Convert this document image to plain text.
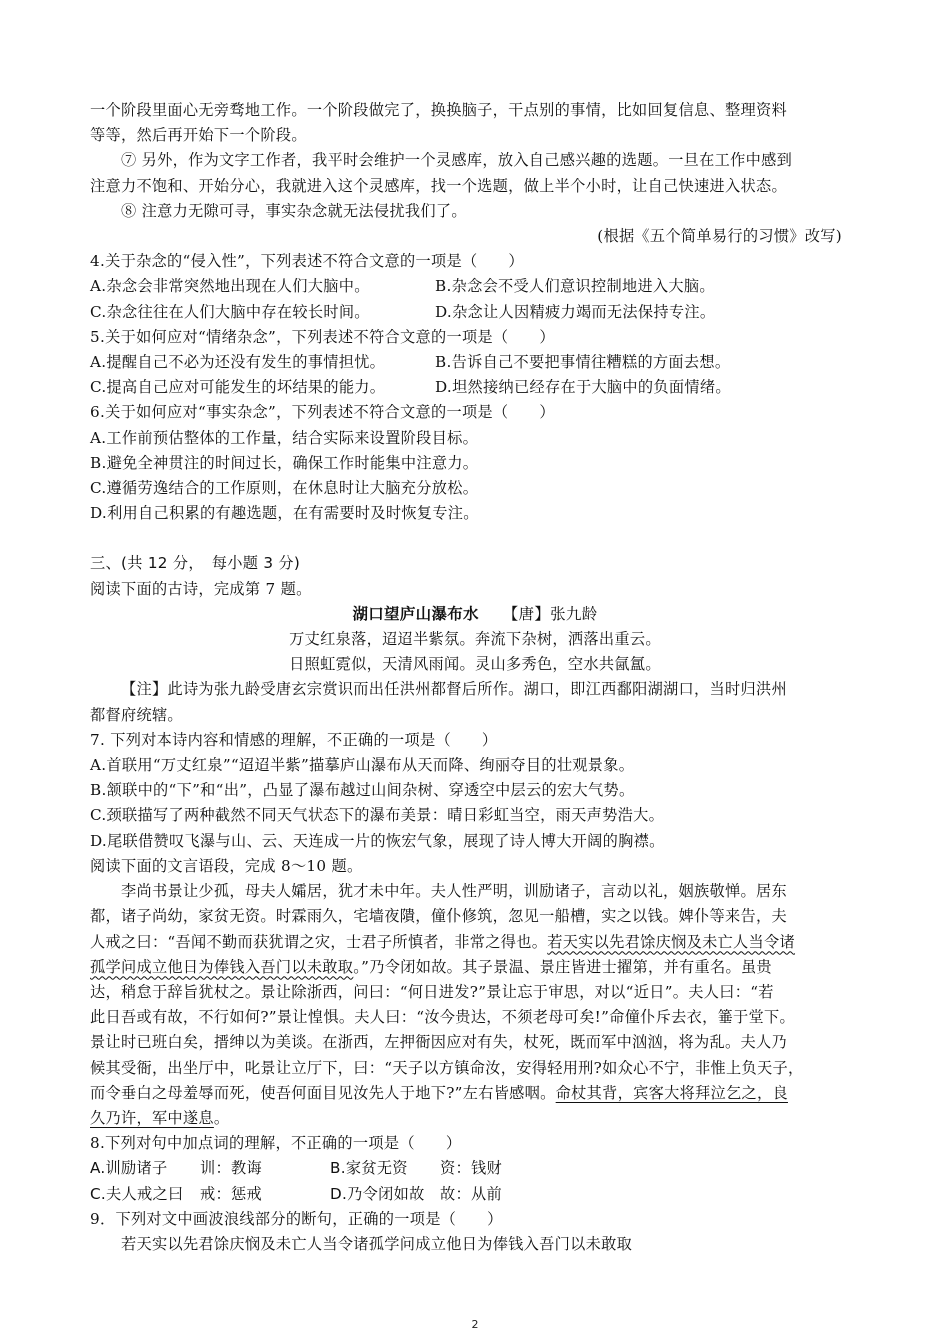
一个阶段里面心无旁骛地工作。一个阶段做完了，换换脑子，干点别的事情，比如回复信息、整理资料
等等，然后再开始下一个阶段。
⑦ 另外，作为文字工作者，我平时会维护一个灵感库，放入自己感兴趣的选题。一旦在工作中感到
注意力不饱和、开始分心，我就进入这个灵感库，找一个选题，做上半个小时，让自己快速进入状态。
⑧ 注意力无隙可寻，事实杂念就无法侵扰我们了。
(根据《五个简单易行的习惯》改写)
4.关于杂念的“侵入性”，下列表述不符合文意的一项是（　　）
A.杂念会非常突然地出现在人们大脑中。	B.杂念会不受人们意识控制地进入大脑。
C.杂念往往在人们大脑中存在较长时间。	D.杂念让人因精疲力竭而无法保持专注。
5.关于如何应对“情绪杂念”，下列表述不符合文意的一项是（　　）
A.提醒自己不必为还没有发生的事情担忧。	B.告诉自己不要把事情往糟糕的方面去想。
C.提高自己应对可能发生的坏结果的能力。	D.坦然接纳已经存在于大脑中的负面情绪。
6.关于如何应对“事实杂念”，下列表述不符合文意的一项是（　　）
A.工作前预估整体的工作量，结合实际来设置阶段目标。
B.避免全神贯注的时间过长，确保工作时能集中注意力。
C.遵循劳逸结合的工作原则，在休息时让大脑充分放松。
D.利用自己积累的有趣选题，在有需要时及时恢复专注。
三、(共 12 分，　每小题 3 分)
阅读下面的古诗，完成第 7 题。
湖口望庐山瀑布水　　 【唐】张九龄
万丈红泉落，迢迢半紫氛。奔流下杂树，洒落出重云。
日照虹霓似，天清风雨闻。灵山多秀色，空水共氤氲。
【注】此诗为张九龄受唐玄宗赏识而出任洪州都督后所作。湖口，即江西鄱阳湖湖口，当时归洪州
都督府统辖。
7. 下列对本诗内容和情感的理解，不正确的一项是（　　）
A.首联用“万丈红泉”“迢迢半紫”描摹庐山瀑布从天而降、绚丽夺目的壮观景象。
B.颔联中的“下”和“出”，凸显了瀑布越过山间杂树、穿透空中层云的宏大气势。
C.颈联描写了两种截然不同天气状态下的瀑布美景：晴日彩虹当空，雨天声势浩大。
D.尾联借赞叹飞瀑与山、云、天连成一片的恢宏气象，展现了诗人博大开阔的胸襟。
阅读下面的文言语段，完成 8～10 题。
李尚书景让少孤，母夫人孀居，犹才未中年。夫人性严明，训励诸子，言动以礼，姻族敬惮。居东
都，诸子尚幼，家贫无资。时霖雨久，宅墙夜隤，僮仆修筑，忽见一船槽，实之以钱。婢仆等来告，夫
人戒之曰：“吾闻不勤而获犹谓之灾，士君子所慎者，非常之得也。若天实以先君馀庆悯及未亡人当令诸
孤学问成立他日为俸钱入吾门以未敢取。”乃令闭如故。其子景温、景庄皆进士擢第，并有重名。虽贵
达，稍怠于辞旨犹杖之。景让除浙西，问曰：“何日进发?”景让忘于审思，对以“近日”。夫人曰：“若
此日吾或有故，不行如何?”景让惶惧。夫人曰：“汝今贵达，不须老母可矣!”命僮仆斥去衣，箠于堂下。
景让时已班白矣，搢绅以为美谈。在浙西，左押衙因应对有失，杖死，既而军中汹汹，将为乱。夫人乃
候其受衙，出坐厅中，叱景让立厅下，曰：“天子以方镇命汝，安得轻用刑?如众心不宁，非惟上负天子，
而令垂白之母羞辱而死，使吾何面目见汝先人于地下?”左右皆感咽。命杖其背，宾客大将拜泣乞之，良
久乃许，军中遂息。
8.下列对句中加点词的理解，不正确的一项是（　　）
A.训励诸子	训：教诲	B.家贫无资	资：钱财
C.夫人戒之曰	戒：惩戒	D.乃令闭如故	故：从前
9．下列对文中画波浪线部分的断句，正确的一项是（　　）
若天实以先君馀庆悯及未亡人当令诸孤学问成立他日为俸钱入吾门以未敢取
2
